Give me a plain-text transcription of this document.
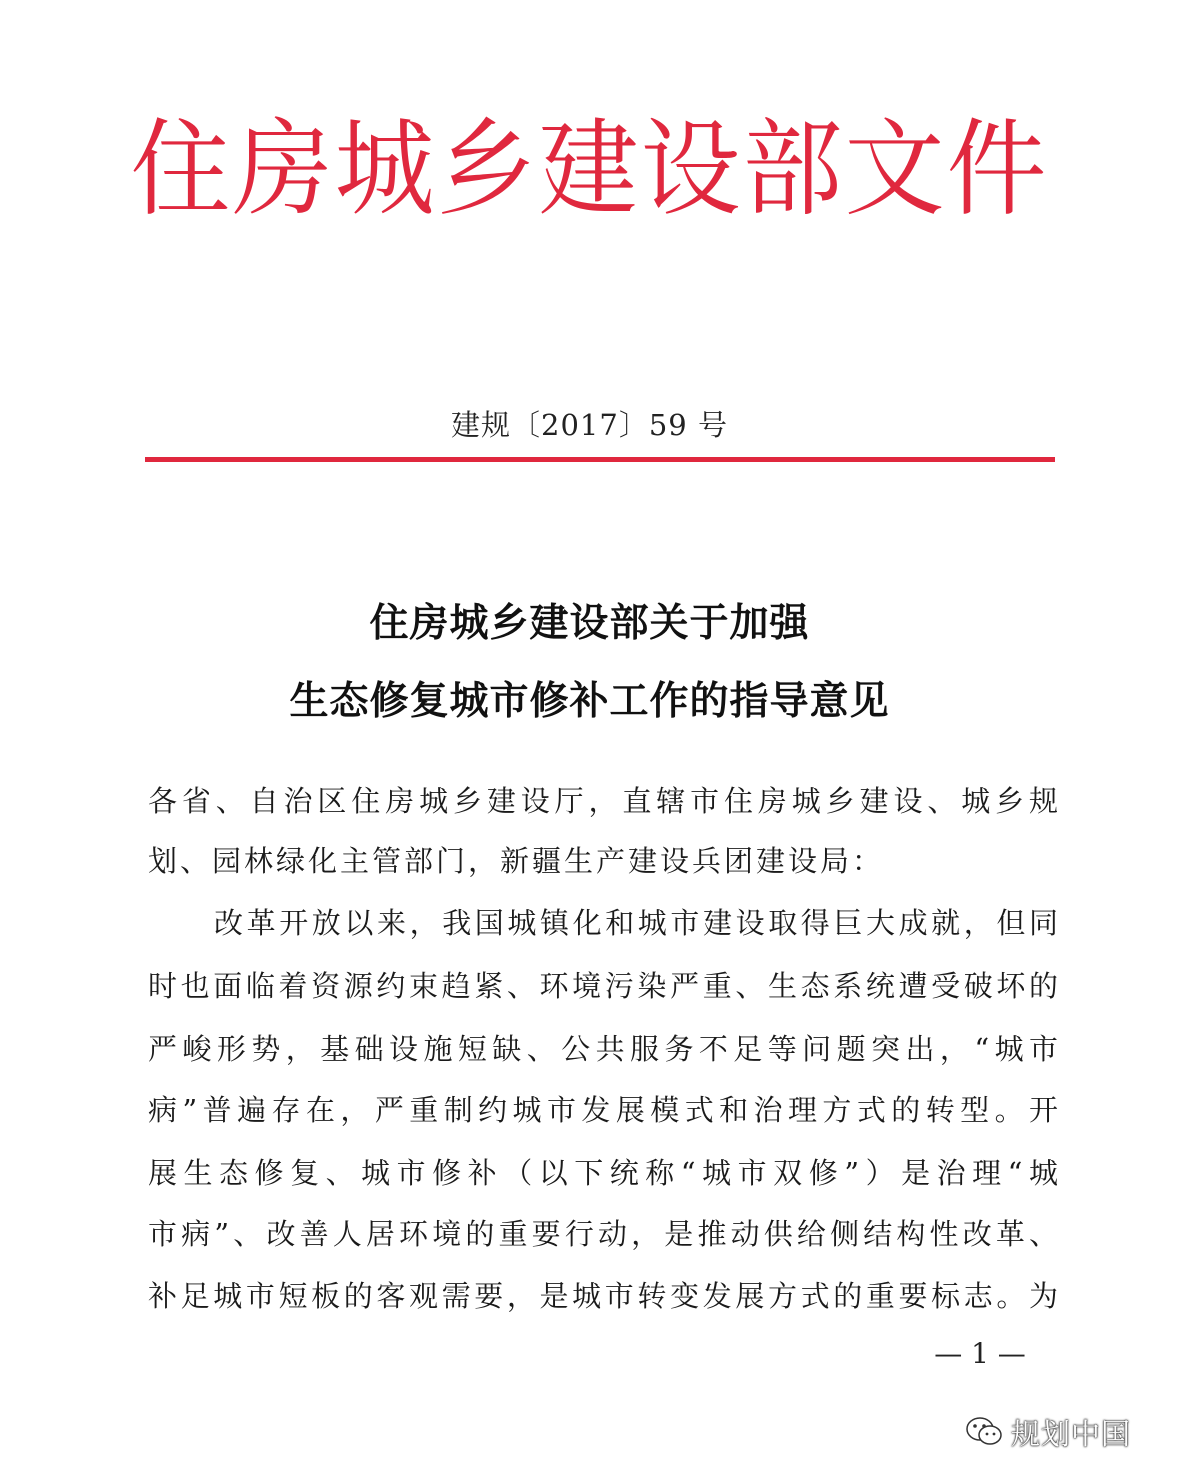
住房城乡建设部文件
建规〔2017〕59 号
住房城乡建设部关于加强
生态修复城市修补工作的指导意见
各省、自治区住房城乡建设厅，直辖市住房城乡建设、城乡规
划、园林绿化主管部门，新疆生产建设兵团建设局：
改革开放以来，我国城镇化和城市建设取得巨大成就，但同
时也面临着资源约束趋紧、环境污染严重、生态系统遭受破坏的
严峻形势，基础设施短缺、公共服务不足等问题突出，“城市
病”普遍存在，严重制约城市发展模式和治理方式的转型。开
展生态修复、城市修补（以下统称“城市双修”）是治理“城
市病”、改善人居环境的重要行动，是推动供给侧结构性改革、
补足城市短板的客观需要，是城市转变发展方式的重要标志。为
— 1 —
规划中国
